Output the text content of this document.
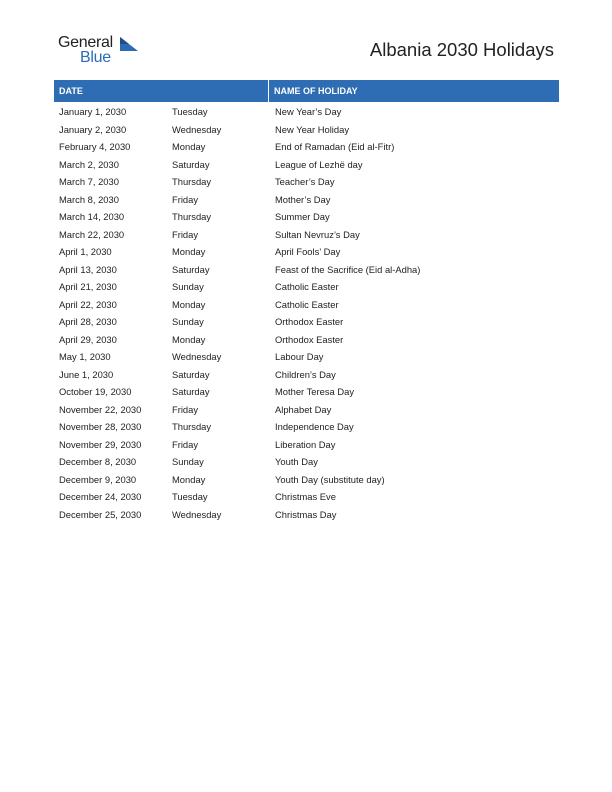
General
Blue	Albania 2030 Holidays
DATE	NAME OF HOLIDAY
January 1, 2030	Tuesday	New Year’s Day
January 2, 2030	Wednesday	New Year Holiday
February 4, 2030	Monday	End of Ramadan (Eid al-Fitr)
March 2, 2030	Saturday	League of Lezhë day
March 7, 2030	Thursday	Teacher’s Day
March 8, 2030	Friday	Mother’s Day
March 14, 2030	Thursday	Summer Day
March 22, 2030	Friday	Sultan Nevruz’s Day
April 1, 2030	Monday	April Fools’ Day
April 13, 2030	Saturday	Feast of the Sacrifice (Eid al-Adha)
April 21, 2030	Sunday	Catholic Easter
April 22, 2030	Monday	Catholic Easter
April 28, 2030	Sunday	Orthodox Easter
April 29, 2030	Monday	Orthodox Easter
May 1, 2030	Wednesday	Labour Day
June 1, 2030	Saturday	Children’s Day
October 19, 2030	Saturday	Mother Teresa Day
November 22, 2030	Friday	Alphabet Day
November 28, 2030	Thursday	Independence Day
November 29, 2030	Friday	Liberation Day
December 8, 2030	Sunday	Youth Day
December 9, 2030	Monday	Youth Day (substitute day)
December 24, 2030	Tuesday	Christmas Eve
December 25, 2030	Wednesday	Christmas Day
